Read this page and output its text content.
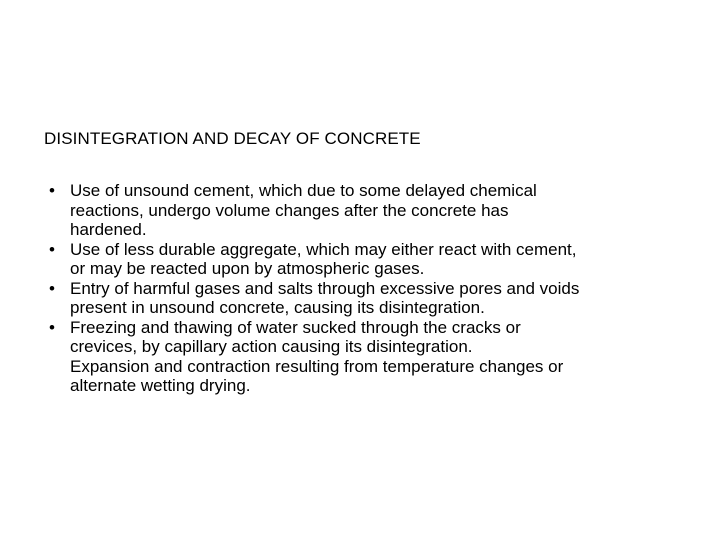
DISINTEGRATION AND DECAY OF CONCRETE
• Use of unsound cement, which due to some delayed chemical
reactions, undergo volume changes after the concrete has
hardened.
• Use of less durable aggregate, which may either react with cement,
or may be reacted upon by atmospheric gases.
• Entry of harmful gases and salts through excessive pores and voids
present in unsound concrete, causing its disintegration.
• Freezing and thawing of water sucked through the cracks or
crevices, by capillary action causing its disintegration.
Expansion and contraction resulting from temperature changes or
alternate wetting drying.
